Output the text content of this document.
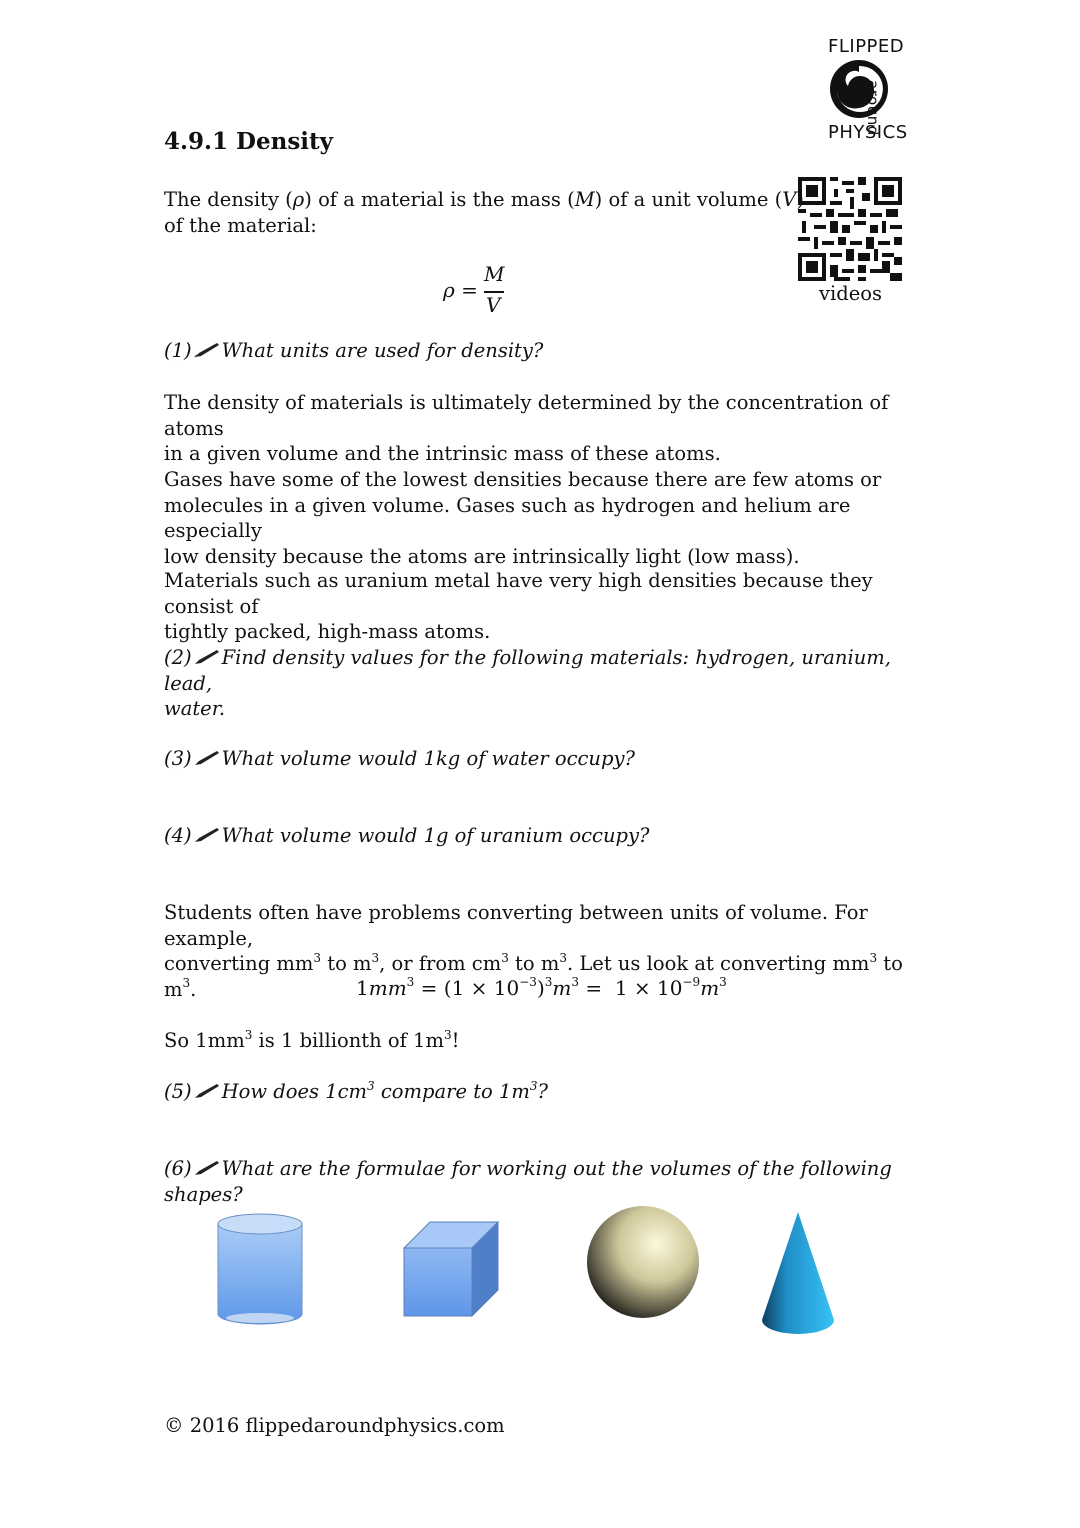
FLIPPED
around
PHYSICS
4.9.1 Density
videos

The density (ρ) of a material is the mass (M) of a unit volume (V)
of the material:

ρ =
M
V

(1) What units are used for density?

The density of materials is ultimately determined by the concentration of atoms
in a given volume and the intrinsic mass of these atoms.

Gases have some of the lowest densities because there are few atoms or
molecules in a given volume. Gases such as hydrogen and helium are especially
low density because the atoms are intrinsically light (low mass).

Materials such as uranium metal have very high densities because they consist of
tightly packed, high-mass atoms.

(2) Find density values for the following materials: hydrogen, uranium, lead,
water.

(3) What volume would 1kg of water occupy?

(4) What volume would 1g of uranium occupy?

Students often have problems converting between units of volume. For example,
converting $mm^3$ to $m^3$, or from $cm^3$ to $m^3$. Let us look at converting $mm^3$ to $m^3$.	$1mm^3 = (1 \times 10^{-3})^3m^3 = 1 \times 10^{-9}m^3$

So $1mm^3$ is 1 billionth of $1m^3$!

(5) How does $1cm^3$ compare to $1m^3$?

(6) What are the formulae for working out the volumes of the following shapes?

© 2016 flippedaroundphysics.com
